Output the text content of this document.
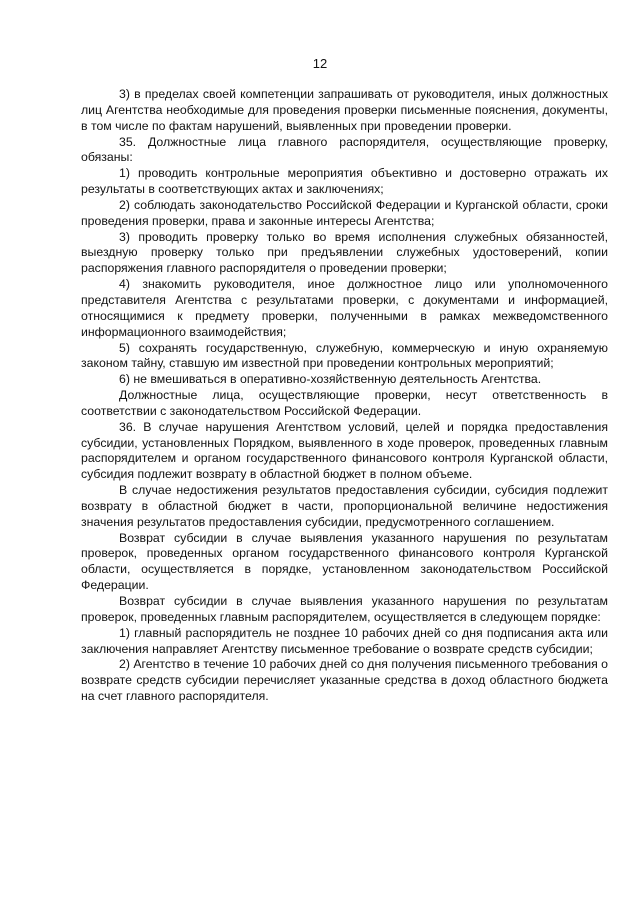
12

3) в пределах своей компетенции запрашивать от руководителя, иных должностных лиц Агентства необходимые для проведения проверки письменные пояснения, документы, в том числе по фактам нарушений, выявленных при проведении проверки.

35. Должностные лица главного распорядителя, осуществляющие проверку, обязаны:

1) проводить контрольные мероприятия объективно и достоверно отражать их результаты в соответствующих актах и заключениях;

2) соблюдать законодательство Российской Федерации и Курганской области, сроки проведения проверки, права и законные интересы Агентства;

3) проводить проверку только во время исполнения служебных обязанностей, выездную проверку только при предъявлении служебных удостоверений, копии распоряжения главного распорядителя о проведении проверки;

4) знакомить руководителя, иное должностное лицо или уполномоченного представителя Агентства с результатами проверки, с документами и информацией, относящимися к предмету проверки, полученными в рамках межведомственного информационного взаимодействия;

5) сохранять государственную, служебную, коммерческую и иную охраняемую законом тайну, ставшую им известной при проведении контрольных мероприятий;

6) не вмешиваться в оперативно-хозяйственную деятельность Агентства.

Должностные лица, осуществляющие проверки, несут ответственность в соответствии с законодательством Российской Федерации.

36. В случае нарушения Агентством условий, целей и порядка предоставления субсидии, установленных Порядком, выявленного в ходе проверок, проведенных главным распорядителем и органом государственного финансового контроля Курганской области, субсидия подлежит возврату в областной бюджет в полном объеме.

В случае недостижения результатов предоставления субсидии, субсидия подлежит возврату в областной бюджет в части, пропорциональной величине недостижения значения результатов предоставления субсидии, предусмотренного соглашением.

Возврат субсидии в случае выявления указанного нарушения по результатам проверок, проведенных органом государственного финансового контроля Курганской области, осуществляется в порядке, установленном законодательством Российской Федерации.

Возврат субсидии в случае выявления указанного нарушения по результатам проверок, проведенных главным распорядителем, осуществляется в следующем порядке:

1) главный распорядитель не позднее 10 рабочих дней со дня подписания акта или заключения направляет Агентству письменное требование о возврате средств субсидии;

2) Агентство в течение 10 рабочих дней со дня получения письменного требования о возврате средств субсидии перечисляет указанные средства в доход областного бюджета на счет главного распорядителя.
